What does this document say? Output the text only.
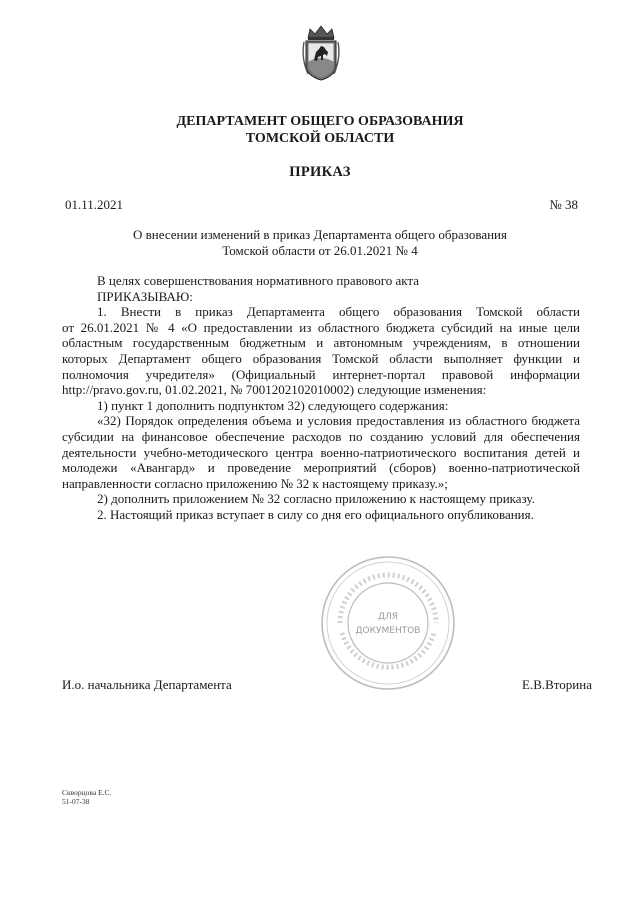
ДЕПАРТАМЕНТ ОБЩЕГО ОБРАЗОВАНИЯ
ТОМСКОЙ ОБЛАСТИ
ПРИКАЗ
01.11.2021	№ 38
О внесении изменений в приказ Департамента общего образования
Томской области от 26.01.2021 № 4

В целях совершенствования нормативного правового акта

ПРИКАЗЫВАЮ:

1. Внести в приказ Департамента общего образования Томской области

от 26.01.2021 № 4 «О предоставлении из областного бюджета субсидий на иные цели

областным государственным бюджетным и автономным учреждениям, в отношении

которых Департамент общего образования Томской области выполняет функции и

полномочия учредителя» (Официальный интернет-портал правовой информации

http://pravo.gov.ru, 01.02.2021, № 7001202102010002) следующие изменения:

1) пункт 1 дополнить подпунктом 32) следующего содержания:

«32) Порядок определения объема и условия предоставления из областного бюджета

субсидии на финансовое обеспечение расходов по созданию условий для обеспечения

деятельности учебно-методического центра военно-патриотического воспитания детей и

молодежи «Авангард» и проведение мероприятий (сборов) военно-патриотической

направленности согласно приложению № 32 к настоящему приказу.»;

2) дополнить приложением № 32 согласно приложению к настоящему приказу.

2. Настоящий приказ вступает в силу со дня его официального опубликования.

ДЛЯ
ДОКУМЕНТОВ
И.о. начальника Департамента	Е.В.Вторина
Скворцова Е.С.
51-07-38
